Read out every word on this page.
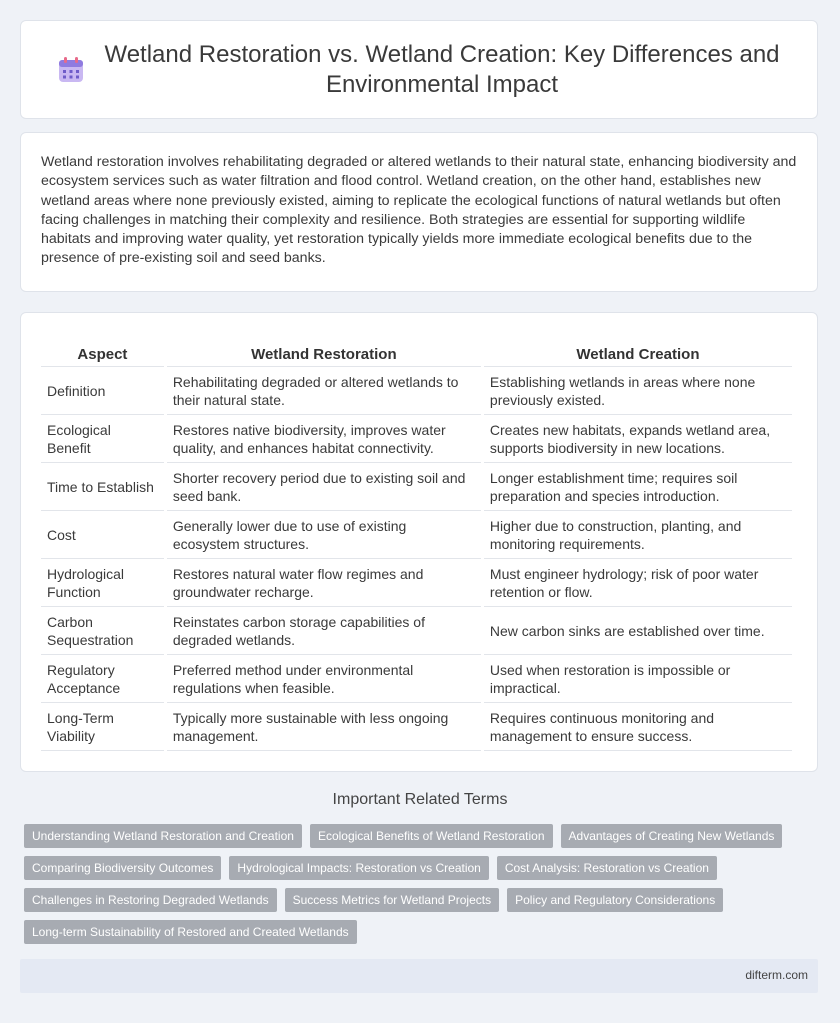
Wetland Restoration vs. Wetland Creation: Key Differences and Environmental Impact

Wetland restoration involves rehabilitating degraded or altered wetlands to their natural state, enhancing biodiversity and ecosystem services such as water filtration and flood control. Wetland creation, on the other hand, establishes new wetland areas where none previously existed, aiming to replicate the ecological functions of natural wetlands but often facing challenges in matching their complexity and resilience. Both strategies are essential for supporting wildlife habitats and improving water quality, yet restoration typically yields more immediate ecological benefits due to the presence of pre-existing soil and seed banks.

Aspect	Wetland Restoration	Wetland Creation
Definition	Rehabilitating degraded or altered wetlands to their natural state.	Establishing wetlands in areas where none previously existed.
Ecological Benefit	Restores native biodiversity, improves water quality, and enhances habitat connectivity.	Creates new habitats, expands wetland area, supports biodiversity in new locations.
Time to Establish	Shorter recovery period due to existing soil and seed bank.	Longer establishment time; requires soil preparation and species introduction.
Cost	Generally lower due to use of existing ecosystem structures.	Higher due to construction, planting, and monitoring requirements.
Hydrological Function	Restores natural water flow regimes and groundwater recharge.	Must engineer hydrology; risk of poor water retention or flow.
Carbon Sequestration	Reinstates carbon storage capabilities of degraded wetlands.	New carbon sinks are established over time.
Regulatory Acceptance	Preferred method under environmental regulations when feasible.	Used when restoration is impossible or impractical.
Long-Term Viability	Typically more sustainable with less ongoing management.	Requires continuous monitoring and management to ensure success.
Important Related Terms
Understanding Wetland Restoration and Creation	Ecological Benefits of Wetland Restoration	Advantages of Creating New Wetlands
Comparing Biodiversity Outcomes	Hydrological Impacts: Restoration vs Creation	Cost Analysis: Restoration vs Creation
Challenges in Restoring Degraded Wetlands	Success Metrics for Wetland Projects	Policy and Regulatory Considerations
Long-term Sustainability of Restored and Created Wetlands
difterm.com
